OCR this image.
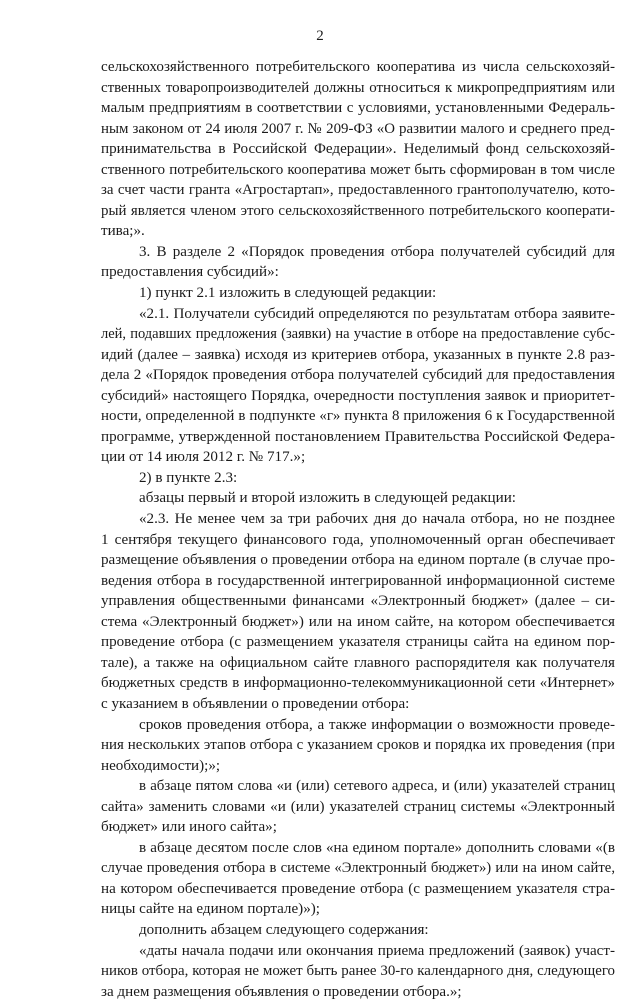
2
сельскохозяйственного потребительского кооператива из числа сельскохозяй-
ственных товаропроизводителей должны относиться к микропредприятиям или
малым предприятиям в соответствии с условиями, установленными Федераль-
ным законом от 24 июля 2007 г. № 209-ФЗ «О развитии малого и среднего пред-
принимательства в Российской Федерации». Неделимый фонд сельскохозяй-
ственного потребительского кооператива может быть сформирован в том числе
за счет части гранта «Агростартап», предоставленного грантополучателю, кото-
рый является членом этого сельскохозяйственного потребительского кооперати-
тива;».
3. В разделе 2 «Порядок проведения отбора получателей субсидий для
предоставления субсидий»:
1) пункт 2.1 изложить в следующей редакции:
«2.1. Получатели субсидий определяются по результатам отбора заявите-
лей, подавших предложения (заявки) на участие в отборе на предоставление субс-
идий (далее – заявка) исходя из критериев отбора, указанных в пункте 2.8 раз-
дела 2 «Порядок проведения отбора получателей субсидий для предоставления
субсидий» настоящего Порядка, очередности поступления заявок и приоритет-
ности, определенной в подпункте «г» пункта 8 приложения 6 к Государственной
программе, утвержденной постановлением Правительства Российской Федера-
ции от 14 июля 2012 г. № 717.»;
2) в пункте 2.3:
абзацы первый и второй изложить в следующей редакции:
«2.3. Не менее чем за три рабочих дня до начала отбора, но не позднее
1 сентября текущего финансового года, уполномоченный орган обеспечивает
размещение объявления о проведении отбора на едином портале (в случае про-
ведения отбора в государственной интегрированной информационной системе
управления общественными финансами «Электронный бюджет» (далее – си-
стема «Электронный бюджет») или на ином сайте, на котором обеспечивается
проведение отбора (с размещением указателя страницы сайта на едином пор-
тале), а также на официальном сайте главного распорядителя как получателя
бюджетных средств в информационно-телекоммуникационной сети «Интернет»
с указанием в объявлении о проведении отбора:
сроков проведения отбора, а также информации о возможности проведе-
ния нескольких этапов отбора с указанием сроков и порядка их проведения (при
необходимости);»;
в абзаце пятом слова «и (или) сетевого адреса, и (или) указателей страниц
сайта» заменить словами «и (или) указателей страниц системы «Электронный
бюджет» или иного сайта»;
в абзаце десятом после слов «на едином портале» дополнить словами «(в
случае проведения отбора в системе «Электронный бюджет») или на ином сайте,
на котором обеспечивается проведение отбора (с размещением указателя стра-
ницы сайте на едином портале)»);
дополнить абзацем следующего содержания:
«даты начала подачи или окончания приема предложений (заявок) участ-
ников отбора, которая не может быть ранее 30-го календарного дня, следующего
за днем размещения объявления о проведении отбора.»;
